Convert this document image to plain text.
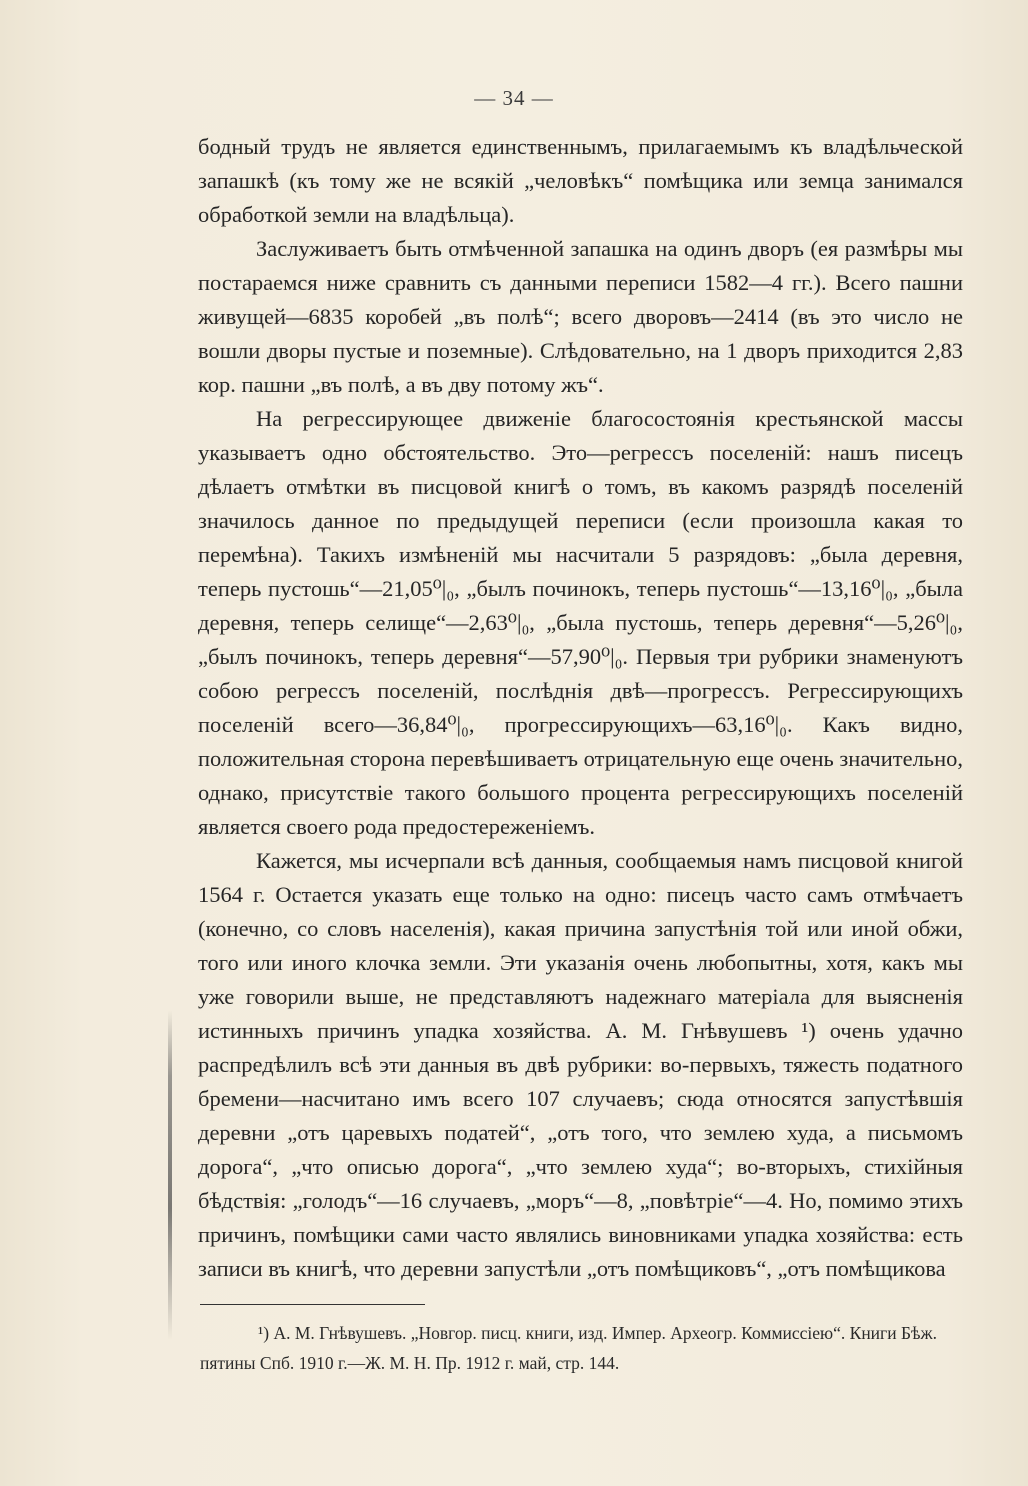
— 34 —

бодный трудъ не является единственнымъ, прилагаемымъ къ владѣльческой запашкѣ (къ тому же не всякій „человѣкъ“ помѣщика или земца занимался обработкой земли на владѣльца).

Заслуживаетъ быть отмѣченной запашка на одинъ дворъ (ея размѣры мы постараемся ниже сравнить съ данными переписи 1582—4 гг.). Всего пашни живущей—6835 коробей „въ полѣ“; всего дворовъ—2414 (въ это число не вошли дворы пустые и поземные). Слѣдовательно, на 1 дворъ приходится 2,83 кор. пашни „въ полѣ, а въ дву потому жъ“.

На регрессирующее движеніе благосостоянія крестьянской массы указываетъ одно обстоятельство. Это—регрессъ поселеній: нашъ писецъ дѣлаетъ отмѣтки въ писцовой книгѣ о томъ, въ какомъ разрядѣ поселеній значилось данное по предыдущей переписи (если произошла какая то перемѣна). Такихъ измѣненій мы насчитали 5 разрядовъ: „была деревня, теперь пустошь“—21,05⁰|₀, „былъ починокъ, теперь пустошь“—13,16⁰|₀, „была деревня, теперь селище“—2,63⁰|₀, „была пустошь, теперь деревня“—5,26⁰|₀, „былъ починокъ, теперь деревня“—57,90⁰|₀. Первыя три рубрики знаменуютъ собою регрессъ поселеній, послѣднія двѣ—прогрессъ. Регрессирующихъ поселеній всего—36,84⁰|₀, прогрессирующихъ—63,16⁰|₀. Какъ видно, положительная сторона перевѣшиваетъ отрицательную еще очень значительно, однако, присутствіе такого большого процента регрессирующихъ поселеній является своего рода предостереженіемъ.

Кажется, мы исчерпали всѣ данныя, сообщаемыя намъ писцовой книгой 1564 г. Остается указать еще только на одно: писецъ часто самъ отмѣчаетъ (конечно, со словъ населенія), какая причина запустѣнія той или иной обжи, того или иного клочка земли. Эти указанія очень любопытны, хотя, какъ мы уже говорили выше, не представляютъ надежнаго матеріала для выясненія истинныхъ причинъ упадка хозяйства. А. М. Гнѣвушевъ ¹) очень удачно распредѣлилъ всѣ эти данныя въ двѣ рубрики: во-первыхъ, тяжесть податного бремени—насчитано имъ всего 107 случаевъ; сюда относятся запустѣвшія деревни „отъ царевыхъ податей“, „отъ того, что землею худа, а письмомъ дорога“, „что описью дорога“, „что землею худа“; во-вторыхъ, стихійныя бѣдствія: „голодъ“—16 случаевъ, „моръ“—8, „повѣтріе“—4. Но, помимо этихъ причинъ, помѣщики сами часто являлись виновниками упадка хозяйства: есть записи въ книгѣ, что деревни запустѣли „отъ помѣщиковъ“, „отъ помѣщикова

¹) А. М. Гнѣвушевъ. „Новгор. писц. книги, изд. Импер. Археогр. Коммиссіею“. Книги Бѣж. пятины Спб. 1910 г.—Ж. М. Н. Пр. 1912 г. май, стр. 144.
